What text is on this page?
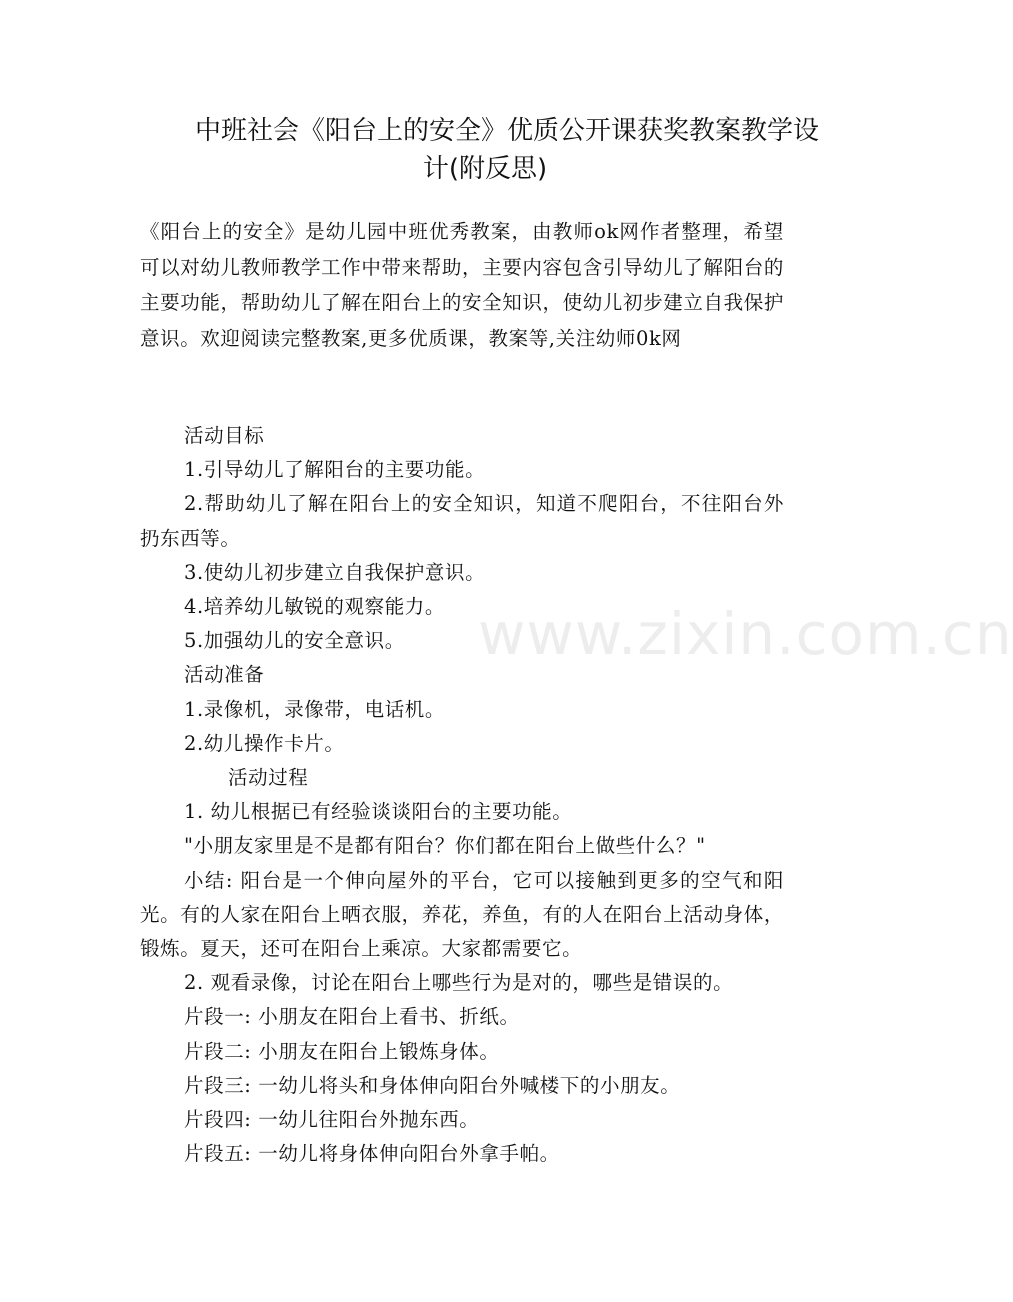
中班社会《阳台上的安全》优质公开课获奖教案教学设
计(附反思)
《阳台上的安全》是幼儿园中班优秀教案，由教师ok网作者整理，希望可以对幼儿教师教学工作中带来帮助，主要内容包含引导幼儿了解阳台的主要功能，帮助幼儿了解在阳台上的安全知识，使幼儿初步建立自我保护意识。欢迎阅读完整教案,更多优质课，教案等,关注幼师0k网

活动目标

1.引导幼儿了解阳台的主要功能。

2.帮助幼儿了解在阳台上的安全知识，知道不爬阳台，不往阳台外扔东西等。

3.使幼儿初步建立自我保护意识。

4.培养幼儿敏锐的观察能力。

5.加强幼儿的安全意识。

活动准备

1.录像机，录像带，电话机。

2.幼儿操作卡片。

活动过程

1. 幼儿根据已有经验谈谈阳台的主要功能。

"小朋友家里是不是都有阳台？你们都在阳台上做些什么？"

小结: 阳台是一个伸向屋外的平台，它可以接触到更多的空气和阳光。有的人家在阳台上晒衣服，养花，养鱼，有的人在阳台上活动身体，锻炼。夏天，还可在阳台上乘凉。大家都需要它。

2. 观看录像，讨论在阳台上哪些行为是对的，哪些是错误的。

片段一: 小朋友在阳台上看书、折纸。

片段二: 小朋友在阳台上锻炼身体。

片段三: 一幼儿将头和身体伸向阳台外喊楼下的小朋友。

片段四: 一幼儿往阳台外抛东西。

片段五: 一幼儿将身体伸向阳台外拿手帕。

www.zixin.com.cn
